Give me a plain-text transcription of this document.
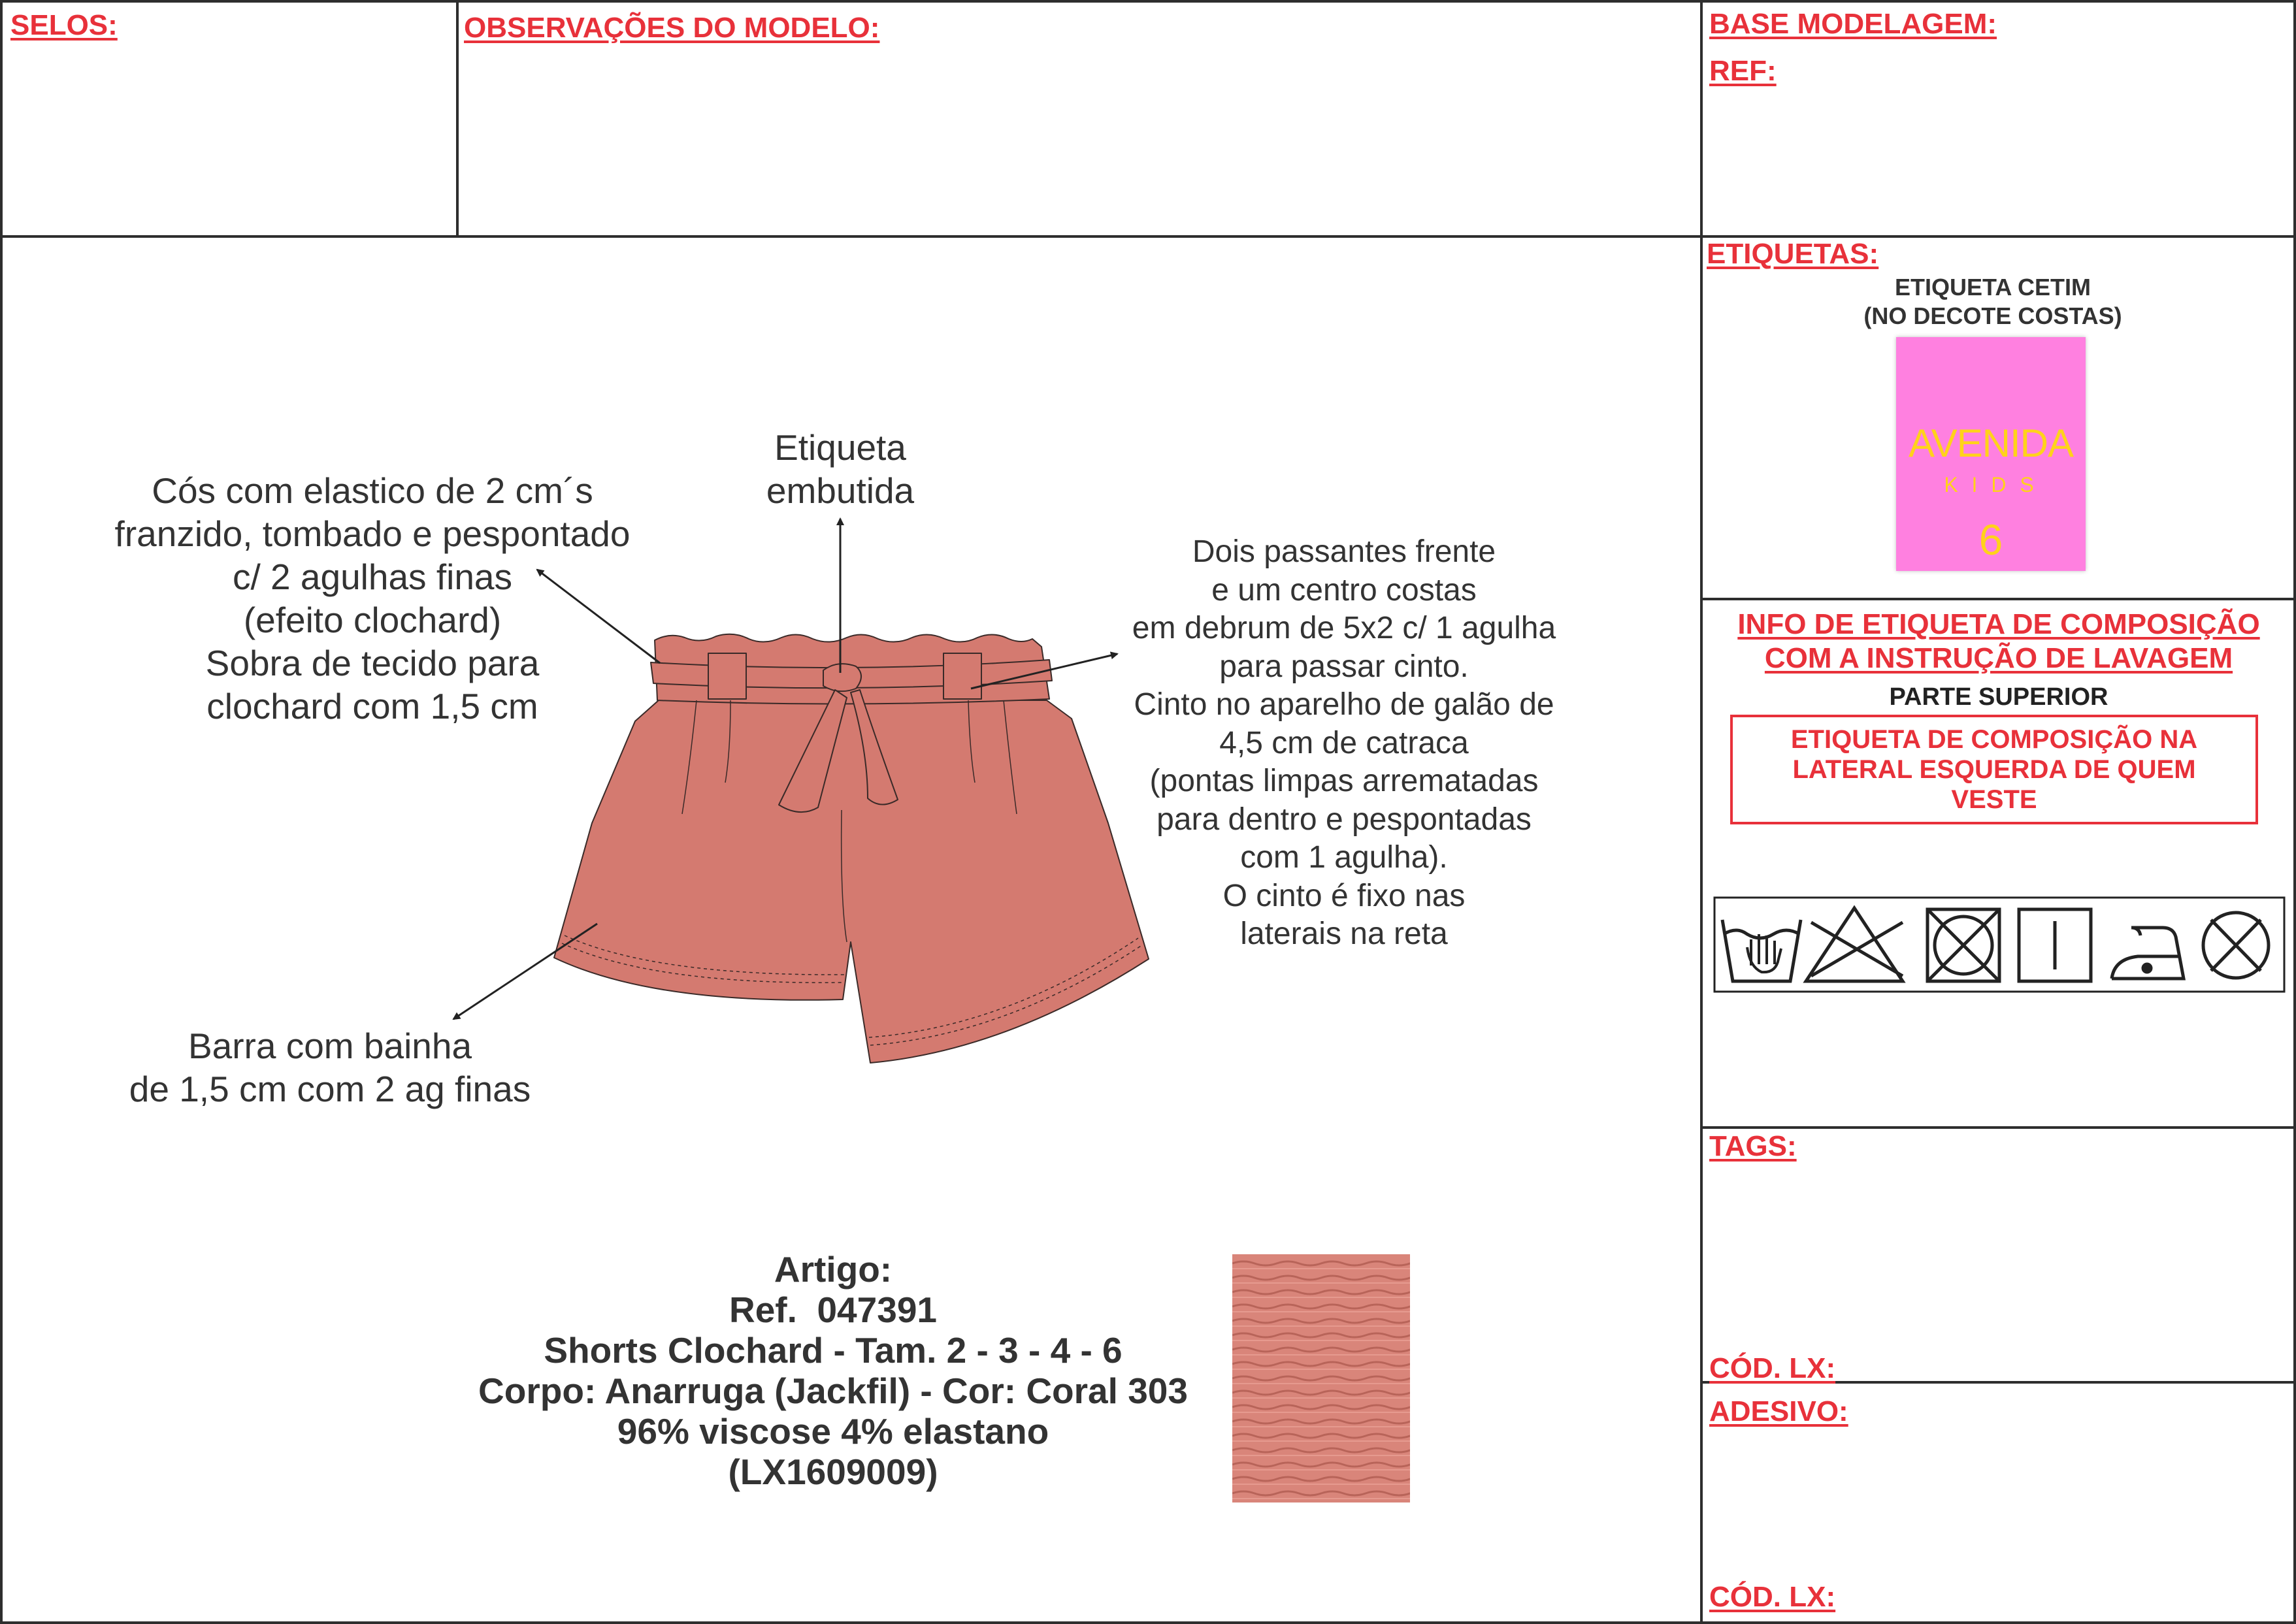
SELOS:	OBSERVAÇÕES DO MODELO:	BASE MODELAGEM:
REF:
ETIQUETAS:
TAGS:
CÓD. LX:
ADESIVO:
CÓD. LX:
ETIQUETA CETIM
(NO DECOTE COSTAS)
AVENIDA
K I D S
6
INFO DE ETIQUETA DE COMPOSIÇÃO
COM A INSTRUÇÃO DE LAVAGEM
PARTE SUPERIOR
ETIQUETA DE COMPOSIÇÃO NA
LATERAL ESQUERDA DE QUEM
VESTE
Cós com elastico de 2 cm´s
franzido, tombado e pespontado
c/ 2 agulhas finas
(efeito clochard)
Sobra de tecido para
clochard com 1,5 cm
Etiqueta
embutida
Dois passantes frente
e um centro costas
em debrum de 5x2 c/ 1 agulha
para passar cinto.
Cinto no aparelho de galão de
4,5 cm de catraca
(pontas limpas arrematadas
para dentro e pespontadas
com 1 agulha).
O cinto é fixo nas
laterais na reta
Barra com bainha
de 1,5 cm com 2 ag finas
Artigo:
Ref.  047391
Shorts Clochard - Tam. 2 - 3 - 4 - 6
Corpo: Anarruga (Jackfil) - Cor: Coral 303
96% viscose 4% elastano
(LX1609009)
